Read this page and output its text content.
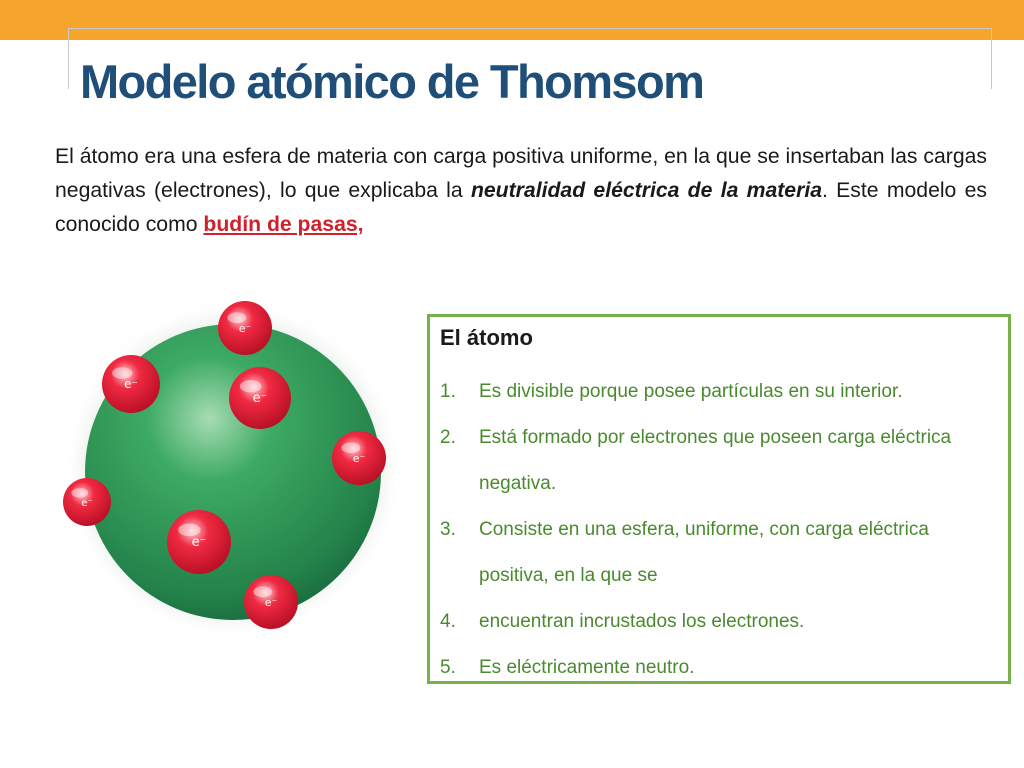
Modelo atómico de Thomsom

El átomo era una esfera de materia con carga positiva uniforme, en la que se insertaban las cargas negativas (electrones), lo que explicaba la neutralidad eléctrica de la materia. Este modelo es conocido como budín de pasas,

e⁻
e⁻
e⁻
e⁻
e⁻
e⁻
e⁻
El átomo
1.	Es divisible porque posee partículas en su interior.
2.	Está formado por electrones que poseen carga eléctrica negativa.
3.	Consiste en una esfera, uniforme, con carga eléctrica positiva, en la que se
4.	encuentran incrustados los electrones.
5.	Es eléctricamente neutro.
